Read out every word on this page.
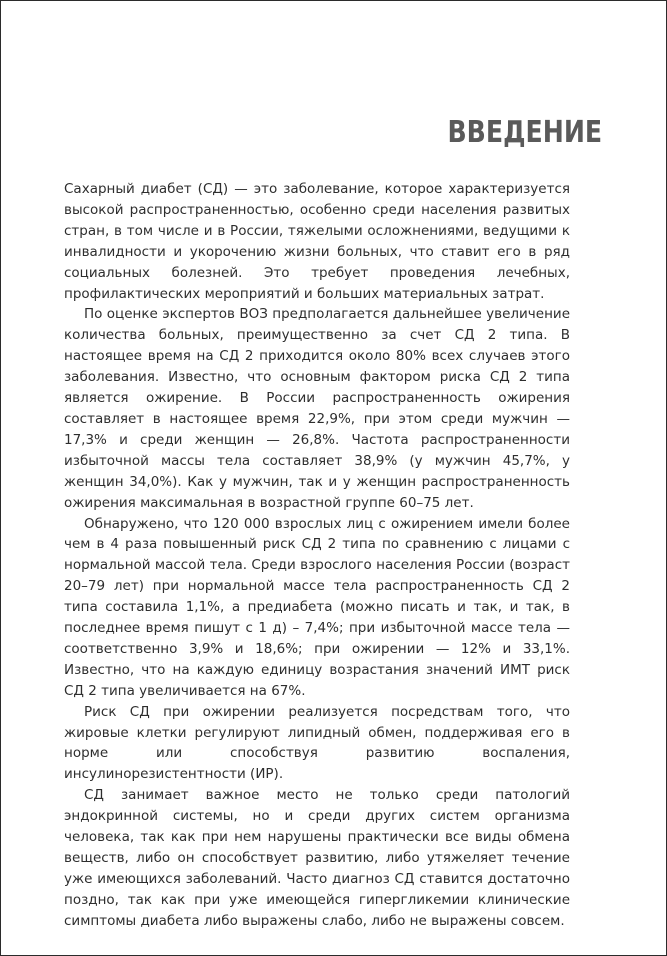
ВВЕДЕНИЕ

Сахарный диабет (СД) — это заболевание, которое характеризуется высокой распространенностью, особенно среди населения развитых стран, в том числе и в России, тяжелыми осложнениями, ведущими к инвалидности и укорочению жизни больных, что ставит его в ряд социальных болезней. Это требует проведения лечебных, профилактических мероприятий и больших материальных затрат.

По оценке экспертов ВОЗ предполагается дальнейшее увеличение количества больных, преимущественно за счет СД 2 типа. В настоящее время на СД 2 приходится около 80% всех случаев этого заболевания. Известно, что основным фактором риска СД 2 типа является ожирение. В России распространенность ожирения составляет в настоящее время 22,9%, при этом среди мужчин — 17,3% и среди женщин — 26,8%. Частота распространенности избыточной массы тела составляет 38,9% (у мужчин 45,7%, у женщин 34,0%). Как у мужчин, так и у женщин распространенность ожирения максимальная в возрастной группе 60–75 лет.

Обнаружено, что 120 000 взрослых лиц с ожирением имели более чем в 4 раза повышенный риск СД 2 типа по сравнению с лицами с нормальной массой тела. Среди взрослого населения России (возраст 20–79 лет) при нормальной массе тела распространенность СД 2 типа составила 1,1%, а предиабета (можно писать и так, и так, в последнее время пишут с 1 д) – 7,4%; при избыточной массе тела — соответственно 3,9% и 18,6%; при ожирении — 12% и 33,1%. Известно, что на каждую единицу возрастания значений ИМТ риск СД 2 типа увеличивается на 67%.

Риск СД при ожирении реализуется посредствам того, что жировые клетки регулируют липидный обмен, поддерживая его в норме или способствуя развитию воспаления, инсулинорезистентности (ИР).

СД занимает важное место не только среди патологий эндокринной системы, но и среди других систем организма человека, так как при нем нарушены практически все виды обмена веществ, либо он способствует развитию, либо утяжеляет течение уже имеющихся заболеваний. Часто диагноз СД ставится достаточно поздно, так как при уже имеющейся гипергликемии клинические симптомы диабета либо выражены слабо, либо не выражены совсем.
